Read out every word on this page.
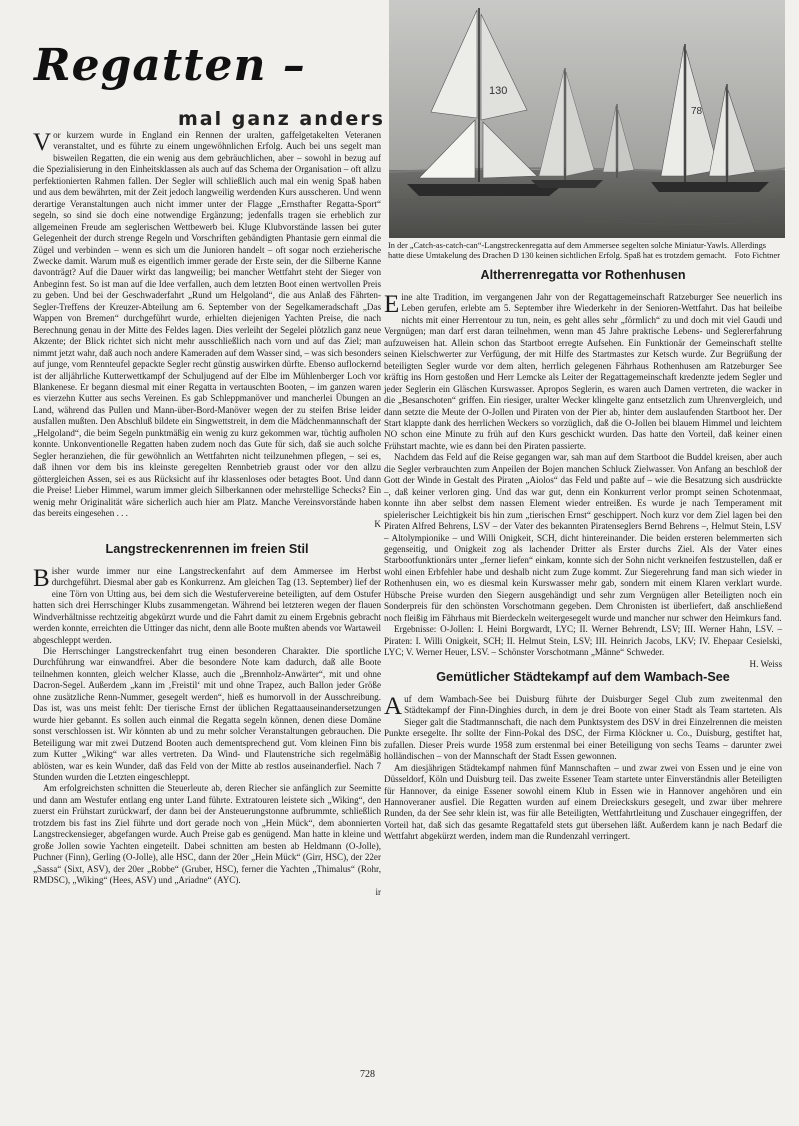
Regatten –
mal ganz anders
130
78
In der „Catch-as-catch-can“-Langstreckenregatta auf dem Ammersee segelten solche Miniatur-Yawls. Allerdings hatte diese Umtakelung des Drachen D 130 keinen sichtlichen Erfolg. Spaß hat es trotzdem gemacht. Foto Fichtner

Vor kurzem wurde in England ein Rennen der uralten, gaffelgetakelten Veteranen veranstaltet, und es führte zu einem ungewöhnlichen Erfolg. Auch bei uns segelt man bisweilen Regatten, die ein wenig aus dem gebräuchlichen, aber – sowohl in bezug auf die Spezialisierung in den Einheitsklassen als auch auf das Schema der Organisation – oft allzu perfektionierten Rahmen fallen. Der Segler will schließlich auch mal ein wenig Spaß haben und aus dem bewährten, mit der Zeit jedoch langweilig werdenden Kurs ausscheren. Und wenn derartige Veranstaltungen auch nicht immer unter der Flagge „Ernsthafter Regatta-Sport“ segeln, so sind sie doch eine notwendige Ergänzung; jedenfalls tragen sie erheblich zur allgemeinen Freude am seglerischen Wettbewerb bei. Kluge Klubvorstände lassen bei guter Gelegenheit der durch strenge Regeln und Vorschriften gebändigten Phantasie gern einmal die Zügel und verbinden – wenn es sich um die Junioren handelt – oft sogar noch erzieherische Zwecke damit. Warum muß es eigentlich immer gerade der Erste sein, der die Silberne Kanne davonträgt? Auf die Dauer wirkt das langweilig; bei mancher Wettfahrt steht der Sieger von Anbeginn fest. So ist man auf die Idee verfallen, auch dem letzten Boot einen wertvollen Preis zu geben. Und bei der Geschwaderfahrt „Rund um Helgoland“, die aus Anlaß des Fährten-Segler-Treffens der Kreuzer-Abteilung am 6. September von der Segelkameradschaft „Das Wappen von Bremen“ durchgeführt wurde, erhielten diejenigen Yachten Preise, die nach Berechnung genau in der Mitte des Feldes lagen. Dies verleiht der Segelei plötzlich ganz neue Akzente; der Blick richtet sich nicht mehr ausschließlich nach vorn und auf das Ziel; man nimmt jetzt wahr, daß auch noch andere Kameraden auf dem Wasser sind, – was sich besonders auf junge, vom Rennteufel gepackte Segler recht günstig auswirken dürfte. Ebenso auflockernd ist der alljährliche Kutterwettkampf der Schuljugend auf der Elbe im Mühlenberger Loch vor Blankenese. Er begann diesmal mit einer Regatta in vertauschten Booten, – im ganzen waren es vierzehn Kutter aus sechs Vereinen. Es gab Schleppmanöver und mancherlei Übungen an Land, während das Pullen und Mann-über-Bord-Manöver wegen der zu steifen Brise leider ausfallen mußten. Den Abschluß bildete ein Singwettstreit, in dem die Mädchenmannschaft der „Helgoland“, die beim Segeln punktmäßig ein wenig zu kurz gekommen war, tüchtig aufholen konnte. Unkonventionelle Regatten haben zudem noch das Gute für sich, daß sie auch solche Segler heranziehen, die für gewöhnlich an Wettfahrten nicht teilzunehmen pflegen, – sei es, daß ihnen vor dem bis ins kleinste geregelten Rennbetrieb graust oder vor den allzu göttergleichen Assen, sei es aus Rücksicht auf ihr klassenloses oder betagtes Boot. Und dann die Preise! Lieber Himmel, warum immer gleich Silberkannen oder mehrstellige Schecks? Ein wenig mehr Originalität wäre sicherlich auch hier am Platz. Manche Vereinsvorstände haben das bereits eingesehen . . .

K

Langstreckenrennen im freien Stil

Bisher wurde immer nur eine Langstreckenfahrt auf dem Ammersee im Herbst durchgeführt. Diesmal aber gab es Konkurrenz. Am gleichen Tag (13. September) lief der eine Törn von Utting aus, bei dem sich die Westufervereine beteiligten, auf dem Ostufer hatten sich drei Herrschinger Klubs zusammengetan. Während bei letzteren wegen der flauen Windverhältnisse rechtzeitig abgekürzt wurde und die Fahrt damit zu einem Ergebnis gebracht werden konnte, erreichten die Uttinger das nicht, denn alle Boote mußten abends vor Wartaweil abgeschleppt werden.

Die Herrschinger Langstreckenfahrt trug einen besonderen Charakter. Die sportliche Durchführung war einwandfrei. Aber die besondere Note kam dadurch, daß alle Boote teilnehmen konnten, gleich welcher Klasse, auch die „Brennholz-Anwärter“, mit und ohne Dacron-Segel. Außerdem „kann im ‚Freistil‘ mit und ohne Trapez, auch Ballon jeder Größe ohne zusätzliche Renn-Nummer, gesegelt werden“, hieß es humorvoll in der Ausschreibung. Das ist, was uns meist fehlt: Der tierische Ernst der üblichen Regattaauseinandersetzungen wurde hier gebannt. Es sollen auch einmal die Regatta segeln können, denen diese Domäne sonst verschlossen ist. Wir könnten ab und zu mehr solcher Veranstaltungen gebrauchen. Die Beteiligung war mit zwei Dutzend Booten auch dementsprechend gut. Vom kleinen Finn bis zum Kutter „Wiking“ war alles vertreten. Da Wind- und Flautenstriche sich regelmäßig ablösten, war es kein Wunder, daß das Feld von der Mitte ab restlos auseinanderfiel. Nach 7 Stunden wurden die Letzten eingeschleppt.

Am erfolgreichsten schnitten die Steuerleute ab, deren Riecher sie anfänglich zur Seemitte und dann am Westufer entlang eng unter Land führte. Extratouren leistete sich „Wiking“, den zuerst ein Frühstart zurückwarf, der dann bei der Ansteuerungstonne aufbrummte, schließlich trotzdem bis fast ins Ziel führte und dort gerade noch von „Hein Mück“, dem abonnierten Langstreckensieger, abgefangen wurde. Auch Preise gab es genügend. Man hatte in kleine und große Jollen sowie Yachten eingeteilt. Dabei schnitten am besten ab Heldmann (O-Jolle), Puchner (Finn), Gerling (O-Jolle), alle HSC, dann der 20er „Hein Mück“ (Girr, HSC), der 22er „Sassa“ (Sixt, ASV), der 20er „Robbe“ (Gruber, HSC), ferner die Yachten „Thimalus“ (Rohr, RMDSC), „Wiking“ (Hees, ASV) und „Ariadne“ (AYC).

ir

Altherrenregatta vor Rothenhusen

Eine alte Tradition, im vergangenen Jahr von der Regattagemeinschaft Ratzeburger See neuerlich ins Leben gerufen, erlebte am 5. September ihre Wiederkehr in der Senioren-Wettfahrt. Das hat beileibe nichts mit einer Herrentour zu tun, nein, es geht alles sehr „förmlich“ zu und doch mit viel Gaudi und Vergnügen; man darf erst daran teilnehmen, wenn man 45 Jahre praktische Lebens- und Seglererfahrung aufzuweisen hat. Allein schon das Startboot erregte Aufsehen. Ein Funktionär der Gemeinschaft stellte seinen Kielschwerter zur Verfügung, der mit Hilfe des Startmastes zur Ketsch wurde. Zur Begrüßung der beteiligten Segler wurde vor dem alten, herrlich gelegenen Fährhaus Rothenhusen am Ratzeburger See kräftig ins Horn gestoßen und Herr Lemcke als Leiter der Regattagemeinschaft kredenzte jedem Segler und jeder Seglerin ein Gläschen Kurswasser. Apropos Seglerin, es waren auch Damen vertreten, die wacker in die „Besanschoten“ griffen. Ein riesiger, uralter Wecker klingelte ganz entsetzlich zum Uhrenvergleich, und dann setzte die Meute der O-Jollen und Piraten von der Pier ab, hinter dem auslaufenden Startboot her. Der Start klappte dank des herrlichen Weckers so vorzüglich, daß die O-Jollen bei blauem Himmel und leichtem NO schon eine Minute zu früh auf den Kurs geschickt wurden. Das hatte den Vorteil, daß keiner einen Frühstart machte, wie es dann bei den Piraten passierte.

Nachdem das Feld auf die Reise gegangen war, sah man auf dem Startboot die Buddel kreisen, aber auch die Segler verbrauchten zum Anpeilen der Bojen manchen Schluck Zielwasser. Von Anfang an beschloß der Gott der Winde in Gestalt des Piraten „Aiolos“ das Feld und paßte auf – wie die Besatzung sich ausdrückte –, daß keiner verloren ging. Und das war gut, denn ein Konkurrent verlor prompt seinen Schotenmaat, konnte ihn aber selbst dem nassen Element wieder entreißen. Es wurde je nach Temperament mit spielerischer Leichtigkeit bis hin zum „tierischen Ernst“ geschippert. Noch kurz vor dem Ziel lagen bei den Piraten Alfred Behrens, LSV – der Vater des bekannten Piratenseglers Bernd Behrens –, Helmut Stein, LSV – Altolympionike – und Willi Onigkeit, SCH, dicht hintereinander. Die beiden ersteren belemmerten sich gegenseitig, und Onigkeit zog als lachender Dritter als Erster durchs Ziel. Als der Vater eines Starbootfunktionärs unter „ferner liefen“ einkam, konnte sich der Sohn nicht verkneifen festzustellen, daß er wohl einen Erbfehler habe und deshalb nicht zum Zuge kommt. Zur Siegerehrung fand man sich wieder in Rothenhusen ein, wo es diesmal kein Kurswasser mehr gab, sondern mit einem Klaren verklart wurde. Hübsche Preise wurden den Siegern ausgehändigt und sehr zum Vergnügen aller Beteiligten noch ein Sonderpreis für den schönsten Vorschotmann gegeben. Dem Chronisten ist überliefert, daß anschließend noch fleißig im Fährhaus mit Bierdeckeln weitergesegelt wurde und mancher nur schwer den Heimkurs fand.

Ergebnisse: O-Jollen: I. Heini Borgwardt, LYC; II. Werner Behrendt, LSV; III. Werner Hahn, LSV. – Piraten: I. Willi Onigkeit, SCH; II. Helmut Stein, LSV; III. Heinrich Jacobs, LKV; IV. Ehepaar Cesielski, LYC; V. Werner Heuer, LSV. – Schönster Vorschotmann „Männe“ Schweder.

H. Weiss

Gemütlicher Städtekampf auf dem Wambach-See

Auf dem Wambach-See bei Duisburg führte der Duisburger Segel Club zum zweitenmal den Städtekampf der Finn-Dinghies durch, in dem je drei Boote von einer Stadt als Team starteten. Als Sieger galt die Stadtmannschaft, die nach dem Punktsystem des DSV in drei Einzelrennen die meisten Punkte ersegelte. Ihr sollte der Finn-Pokal des DSC, der Firma Klöckner u. Co., Duisburg, gestiftet hat, zufallen. Dieser Preis wurde 1958 zum erstenmal bei einer Beteiligung von sechs Teams – darunter zwei holländischen – von der Mannschaft der Stadt Essen gewonnen.

Am diesjährigen Städtekampf nahmen fünf Mannschaften – und zwar zwei von Essen und je eine von Düsseldorf, Köln und Duisburg teil. Das zweite Essener Team startete unter Einverständnis aller Beteiligten für Hannover, da einige Essener sowohl einem Klub in Essen wie in Hannover angehören und ein Hannoveraner ausfiel. Die Regatten wurden auf einem Dreieckskurs gesegelt, und zwar über mehrere Runden, da der See sehr klein ist, was für alle Beteiligten, Wettfahrtleitung und Zuschauer eingegriffen, der Vorteil hat, daß sich das gesamte Regattafeld stets gut übersehen läßt. Außerdem kann je nach Bedarf die Wettfahrt abgekürzt werden, indem man die Rundenzahl verringert.

728
